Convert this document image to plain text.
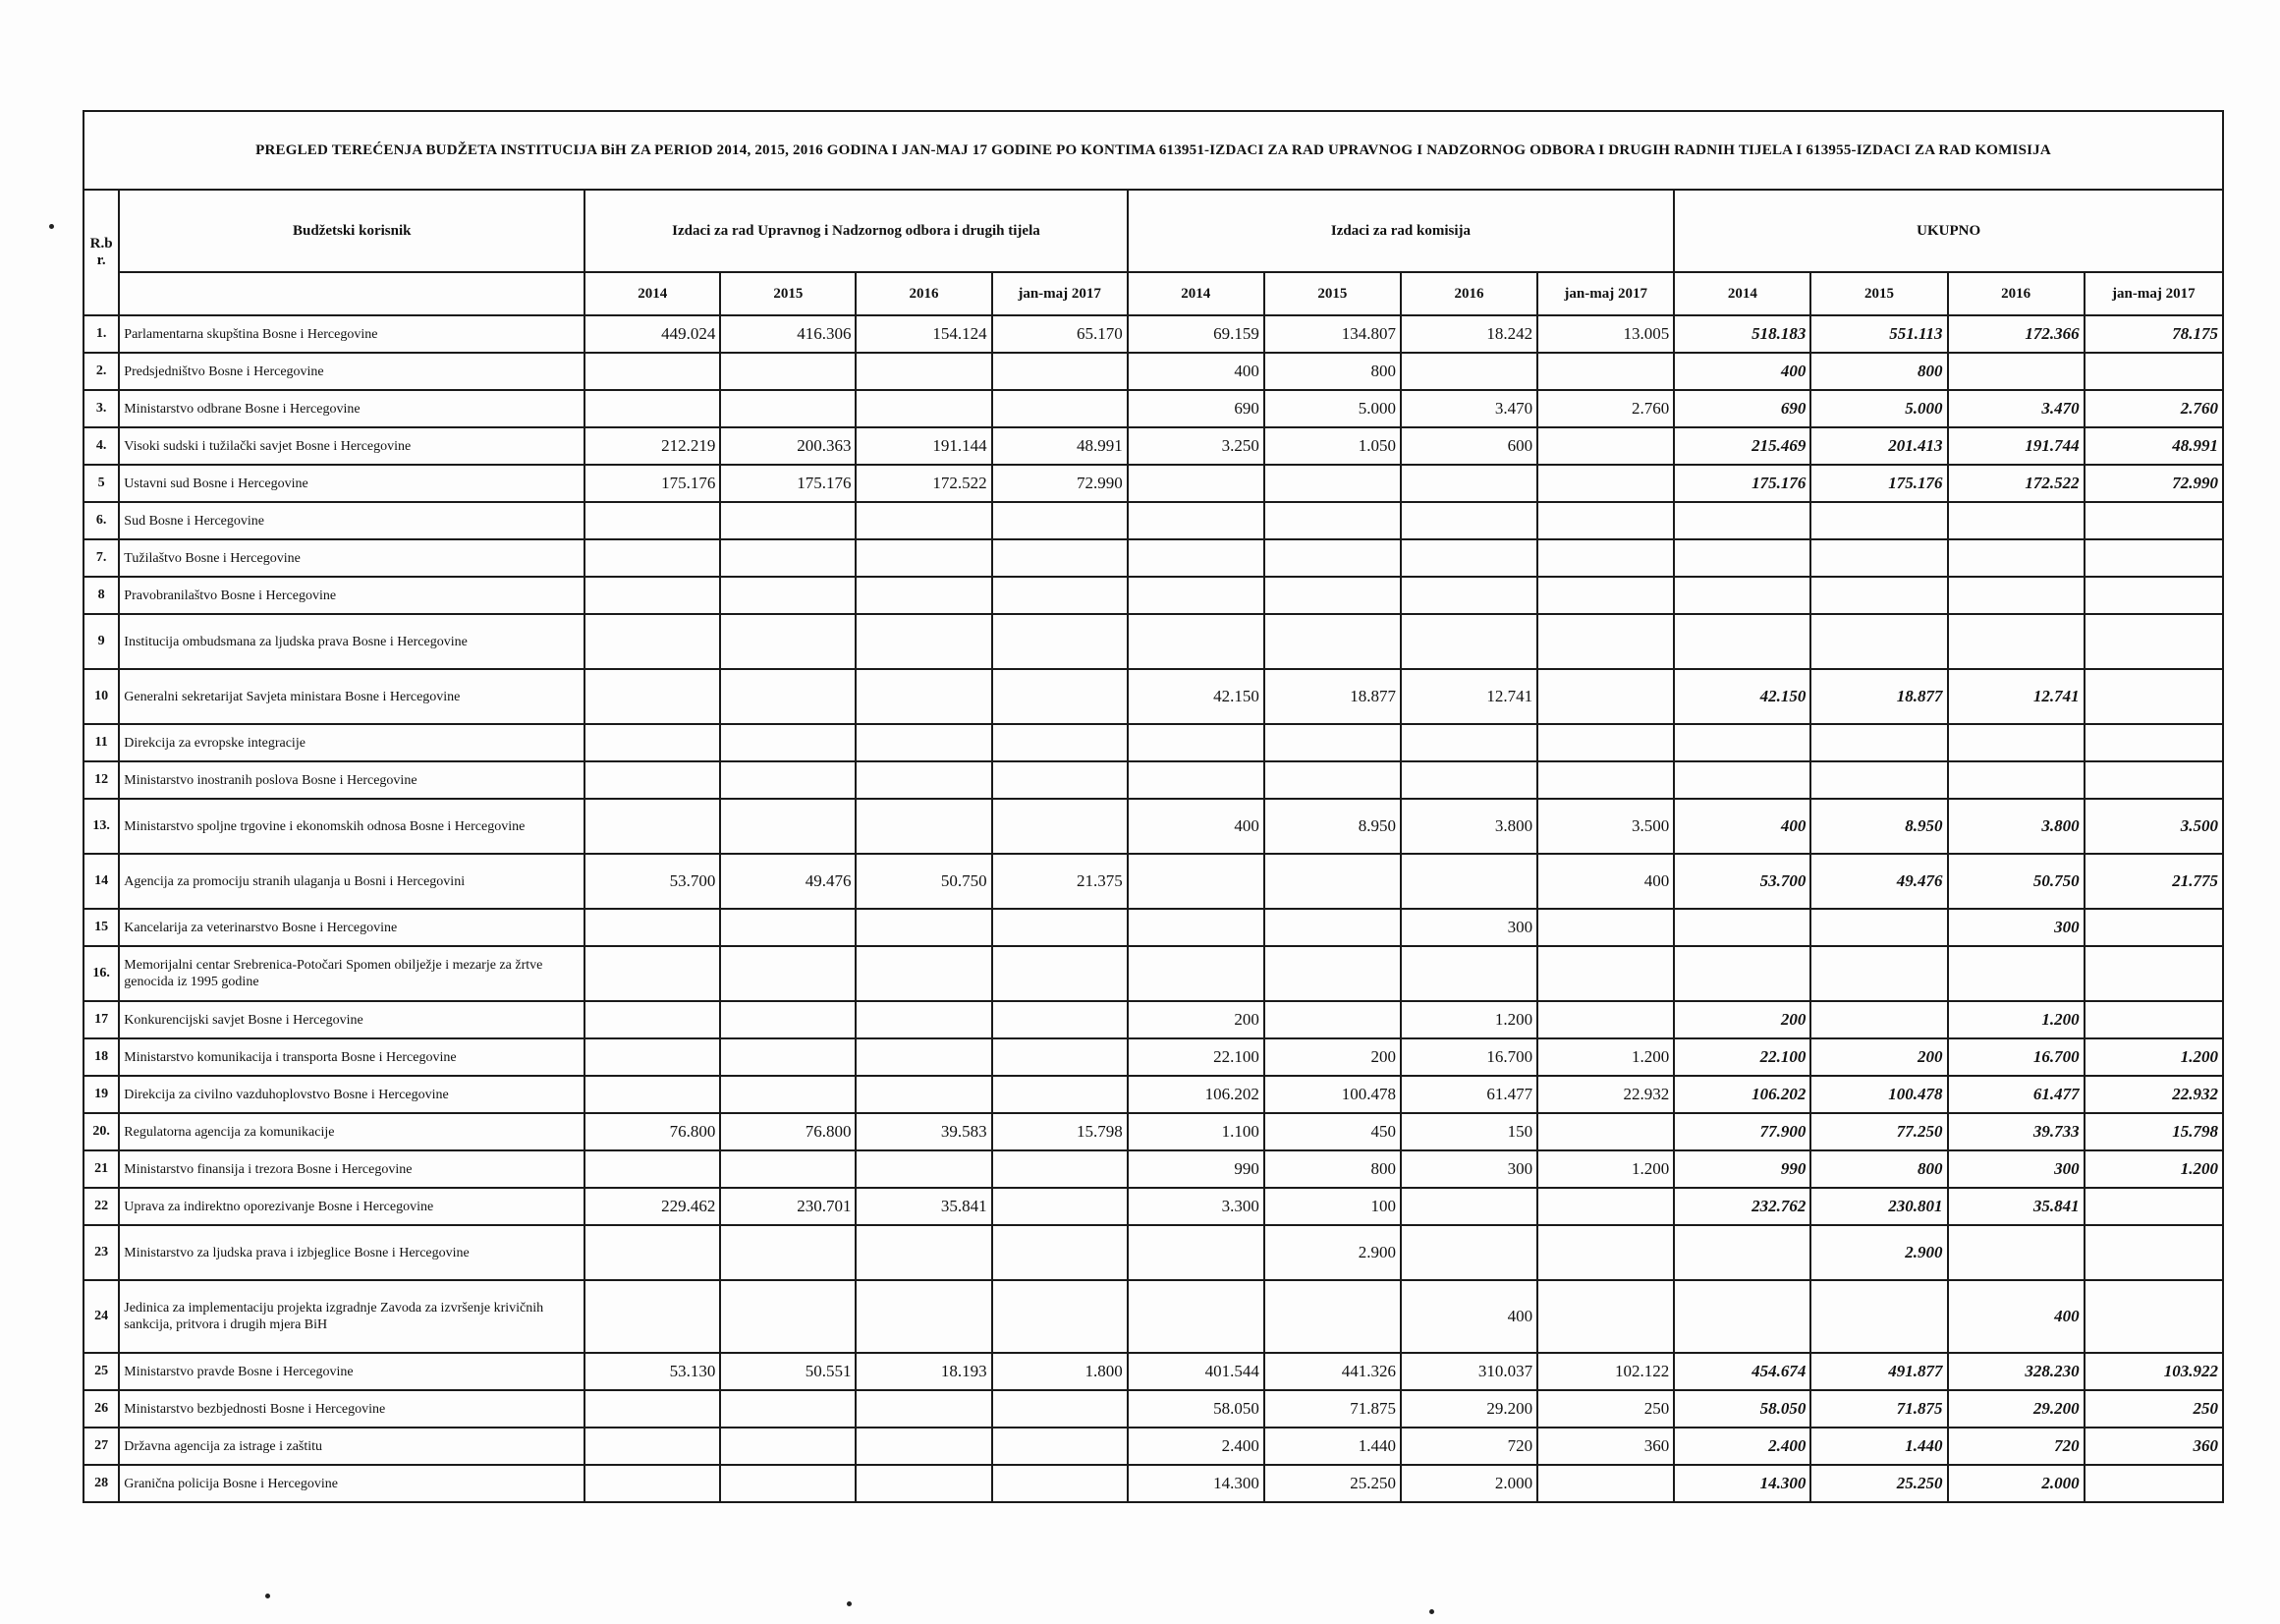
PREGLED TEREĆENJA BUDŽETA INSTITUCIJA BiH ZA PERIOD 2014, 2015, 2016 GODINA I JAN-MAJ 17 GODINE PO KONTIMA 613951-IZDACI ZA RAD UPRAVNOG I NADZORNOG ODBORA I DRUGIH RADNIH TIJELA I 613955-IZDACI ZA RAD KOMISIJA													
R.b r.	Budžetski korisnik	Izdaci za rad Upravnog i Nadzornog odbora i drugih tijela				Izdaci za rad komisija				UKUPNO			
		2014	2015	2016	jan-maj 2017	2014	2015	2016	jan-maj 2017	2014	2015	2016	jan-maj 2017
1.	Parlamentarna skupština Bosne i Hercegovine	449.024	416.306	154.124	65.170	69.159	134.807	18.242	13.005	518.183	551.113	172.366	78.175
2.	Predsjedništvo Bosne i Hercegovine					400	800			400	800		
3.	Ministarstvo odbrane Bosne i Hercegovine					690	5.000	3.470	2.760	690	5.000	3.470	2.760
4.	Visoki sudski i tužilački savjet Bosne i Hercegovine	212.219	200.363	191.144	48.991	3.250	1.050	600		215.469	201.413	191.744	48.991
5	Ustavni sud Bosne i Hercegovine	175.176	175.176	172.522	72.990					175.176	175.176	172.522	72.990
6.	Sud Bosne i Hercegovine												
7.	Tužilaštvo Bosne i Hercegovine												
8	Pravobranilaštvo Bosne i Hercegovine												
9	Institucija ombudsmana za ljudska prava Bosne i Hercegovine												
10	Generalni sekretarijat Savjeta ministara Bosne i Hercegovine					42.150	18.877	12.741		42.150	18.877	12.741	
11	Direkcija za evropske integracije												
12	Ministarstvo inostranih poslova Bosne i Hercegovine												
13.	Ministarstvo spoljne trgovine i ekonomskih odnosa Bosne i Hercegovine					400	8.950	3.800	3.500	400	8.950	3.800	3.500
14	Agencija za promociju stranih ulaganja u Bosni i Hercegovini	53.700	49.476	50.750	21.375				400	53.700	49.476	50.750	21.775
15	Kancelarija za veterinarstvo Bosne i Hercegovine							300				300	
16.	Memorijalni centar Srebrenica-Potočari Spomen obilježje i mezarje za žrtve genocida iz 1995 godine												
17	Konkurencijski savjet Bosne i Hercegovine					200		1.200		200		1.200	
18	Ministarstvo komunikacija i transporta Bosne i Hercegovine					22.100	200	16.700	1.200	22.100	200	16.700	1.200
19	Direkcija za civilno vazduhoplovstvo Bosne i Hercegovine					106.202	100.478	61.477	22.932	106.202	100.478	61.477	22.932
20.	Regulatorna agencija za komunikacije	76.800	76.800	39.583	15.798	1.100	450	150		77.900	77.250	39.733	15.798
21	Ministarstvo finansija i trezora Bosne i Hercegovine					990	800	300	1.200	990	800	300	1.200
22	Uprava za indirektno oporezivanje Bosne i Hercegovine	229.462	230.701	35.841		3.300	100			232.762	230.801	35.841	
23	Ministarstvo za ljudska prava i izbjeglice Bosne i Hercegovine						2.900				2.900		
24	Jedinica za implementaciju projekta izgradnje Zavoda za izvršenje krivičnih sankcija, pritvora i drugih mjera BiH							400				400	
25	Ministarstvo pravde Bosne i Hercegovine	53.130	50.551	18.193	1.800	401.544	441.326	310.037	102.122	454.674	491.877	328.230	103.922
26	Ministarstvo bezbjednosti Bosne i Hercegovine					58.050	71.875	29.200	250	58.050	71.875	29.200	250
27	Državna agencija za istrage i zaštitu					2.400	1.440	720	360	2.400	1.440	720	360
28	Granična policija Bosne i Hercegovine					14.300	25.250	2.000		14.300	25.250	2.000	
